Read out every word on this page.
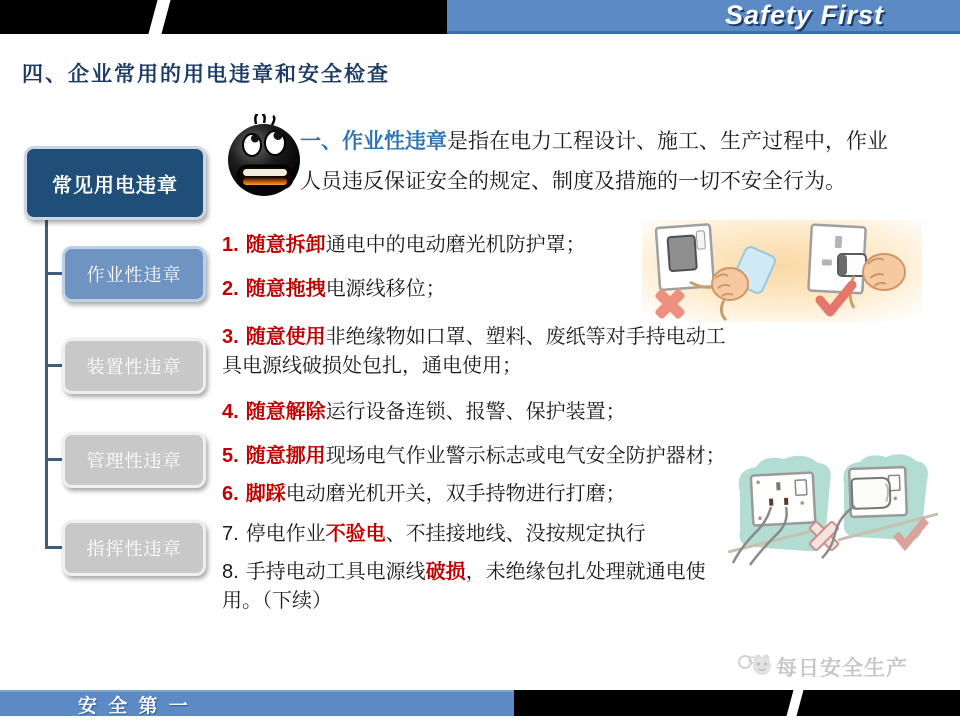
Safety First
四、企业常用的用电违章和安全检查
常见用电违章
作业性违章
装置性违章
管理性违章
指挥性违章

一、作业性违章是指在电力工程设计、施工、生产过程中，作业人员违反保证安全的规定、制度及措施的一切不安全行为。

1. 随意拆卸通电中的电动磨光机防护罩；
2. 随意拖拽电源线移位；
3. 随意使用非绝缘物如口罩、塑料、废纸等对手持电动工具电源线破损处包扎，通电使用；
4. 随意解除运行设备连锁、报警、保护装置；
5. 随意挪用现场电气作业警示标志或电气安全防护器材；
6. 脚踩电动磨光机开关，双手持物进行打磨；
7. 停电作业不验电、不挂接地线、没按规定执行
8. 手持电动工具电源线破损，未绝缘包扎处理就通电使用。（下续）
每日安全生产
安 全 第 一
